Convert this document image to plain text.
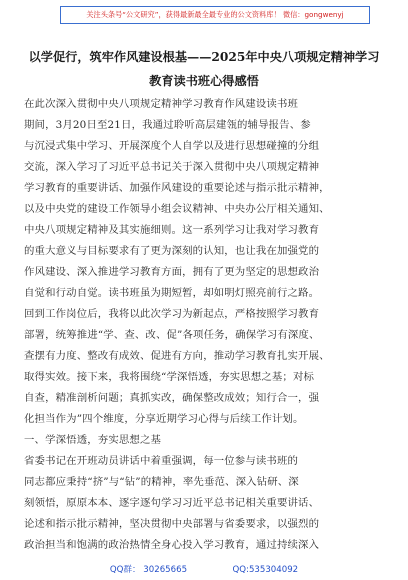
关注头条号“公文研究”，获得最新最全最专业的公文资料库！ 微信：gongwenyj
以学促行，筑牢作风建设根基——2025年中央八项规定精神学习
教育读书班心得感悟
在此次深入贯彻中央八项规定精神学习教育作风建设读书班
期间，3月20日至21日，我通过聆听高层建瓴的辅导报告、参
与沉浸式集中学习、开展深度个人自学以及进行思想碰撞的分组
交流，深入学习了习近平总书记关于深入贯彻中央八项规定精神
学习教育的重要讲话、加强作风建设的重要论述与指示批示精神，
以及中央党的建设工作领导小组会议精神、中央办公厅相关通知、
中央八项规定精神及其实施细则。这一系列学习让我对学习教育
的重大意义与目标要求有了更为深刻的认知，也让我在加强党的
作风建设、深入推进学习教育方面，拥有了更为坚定的思想政治
自觉和行动自觉。读书班虽为期短暂，却如明灯照亮前行之路。
回到工作岗位后，我将以此次学习为新起点，严格按照学习教育
部署，统筹推进“学、查、改、促”各项任务，确保学习有深度、
查摆有力度、整改有成效、促进有方向，推动学习教育扎实开展、
取得实效。接下来，我将围绕“学深悟透，夯实思想之基；对标
自查，精准剖析问题；真抓实改，确保整改成效；知行合一，强
化担当作为”四个维度，分享近期学习心得与后续工作计划。
一、学深悟透，夯实思想之基
省委书记在开班动员讲话中着重强调，每一位参与读书班的
同志都应秉持“挤”与“钻”的精神，率先垂范、深入钻研、深
刻领悟，原原本本、逐字逐句学习习近平总书记相关重要讲话、
论述和指示批示精神，坚决贯彻中央部署与省委要求，以强烈的
政治担当和饱满的政治热情全身心投入学习教育，通过持续深入
QQ群： 30265665	QQ:535304092
